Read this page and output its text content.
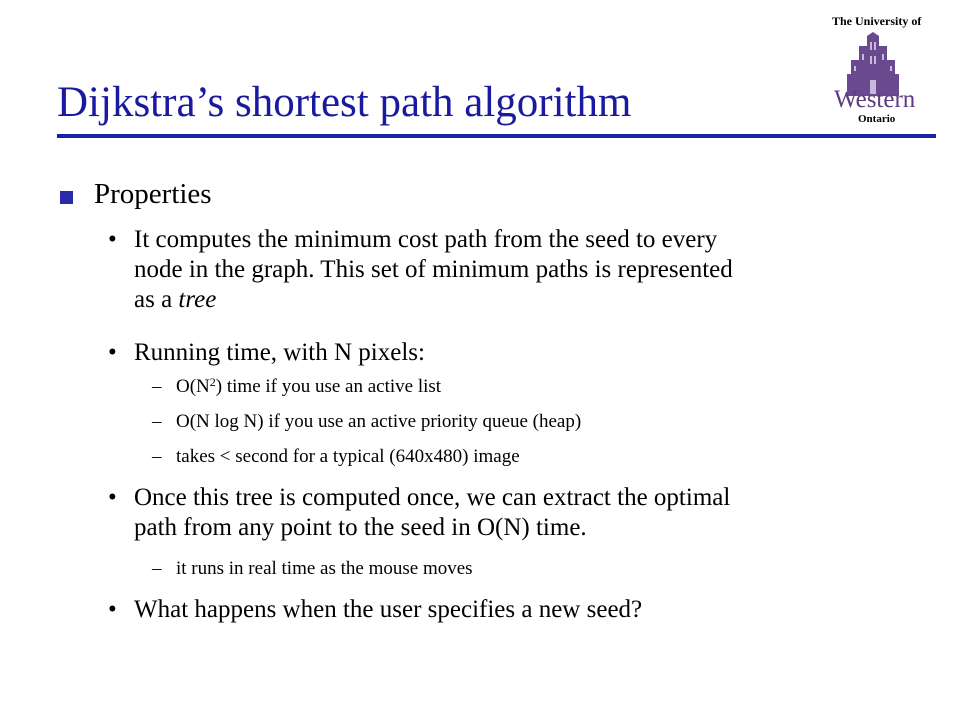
The University of
Western
Ontario
Dijkstra’s shortest path algorithm
Properties
• It computes the minimum cost path from the seed to every
node in the graph. This set of minimum paths is represented
as a tree
• Running time, with N pixels:
– $O(N^2)$ time if you use an active list
– O(N log N) if you use an active priority queue (heap)
– takes < second for a typical (640x480) image
• Once this tree is computed once, we can extract the optimal
path from any point to the seed in O(N) time.
– it runs in real time as the mouse moves
• What happens when the user specifies a new seed?
